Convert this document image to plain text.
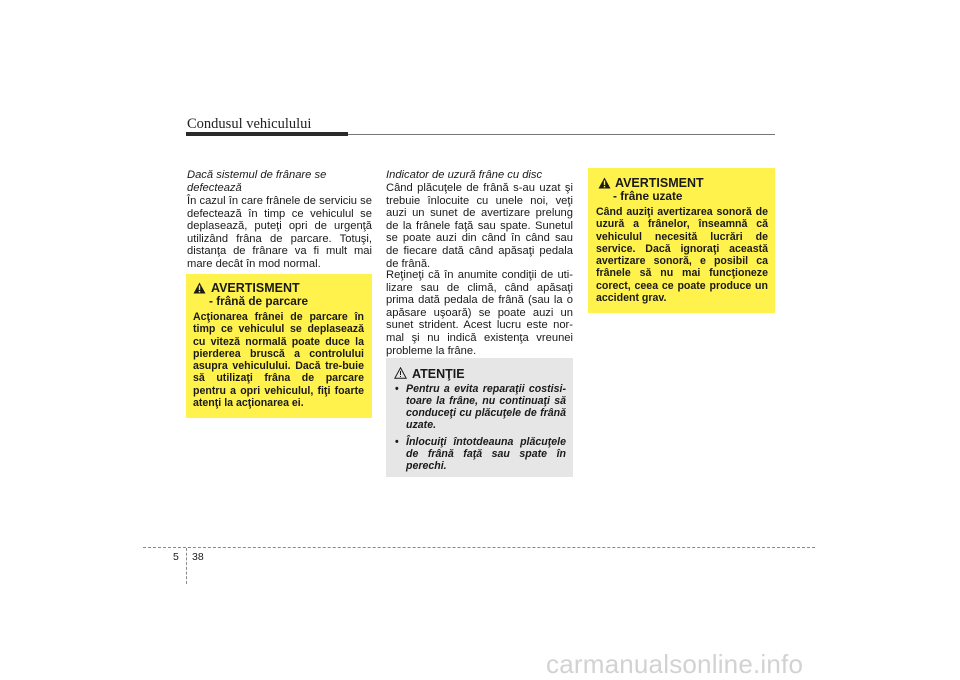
Condusul vehiculului
Dacă sistemul de frânare se defectează
În cazul în care frânele de serviciu se defectează în timp ce vehiculul se deplasează, puteţi opri de urgenţă utilizând frâna de parcare. Totuşi, distanţa de frânare va fi mult mai mare decât în mod normal.
AVERTISMENT
- frână de parcare
Acţionarea frânei de parcare în timp ce vehiculul se deplasează cu viteză normală poate duce la pierderea bruscă a controlului asupra vehiculului. Dacă tre-buie să utilizaţi frâna de parcare pentru a opri vehiculul, fiţi foarte atenţi la acţionarea ei.
Indicator de uzură frâne cu disc
Când plăcuţele de frână s-au uzat şi trebuie înlocuite cu unele noi, veţi auzi un sunet de avertizare prelung de la frânele faţă sau spate. Sunetul se poate auzi din când în când sau de fiecare dată când apăsaţi pedala de frână.
Reţineţi că în anumite condiţii de uti-lizare sau de climă, când apăsaţi prima dată pedala de frână (sau la o apăsare uşoară) se poate auzi un sunet strident. Acest lucru este nor-mal şi nu indică existenţa vreunei probleme la frâne.
ATENŢIE
• Pentru a evita reparaţii costisi-toare la frâne, nu continuaţi să conduceţi cu plăcuţele de frână uzate.
• Înlocuiţi întotdeauna plăcuţele de frână faţă sau spate în perechi.
AVERTISMENT
- frâne uzate
Când auziţi avertizarea sonoră de uzură a frânelor, înseamnă că vehiculul necesită lucrări de service. Dacă ignoraţi această avertizare sonoră, e posibil ca frânele să nu mai funcţioneze corect, ceea ce poate produce un accident grav.
5 38
carmanualsonline.info
